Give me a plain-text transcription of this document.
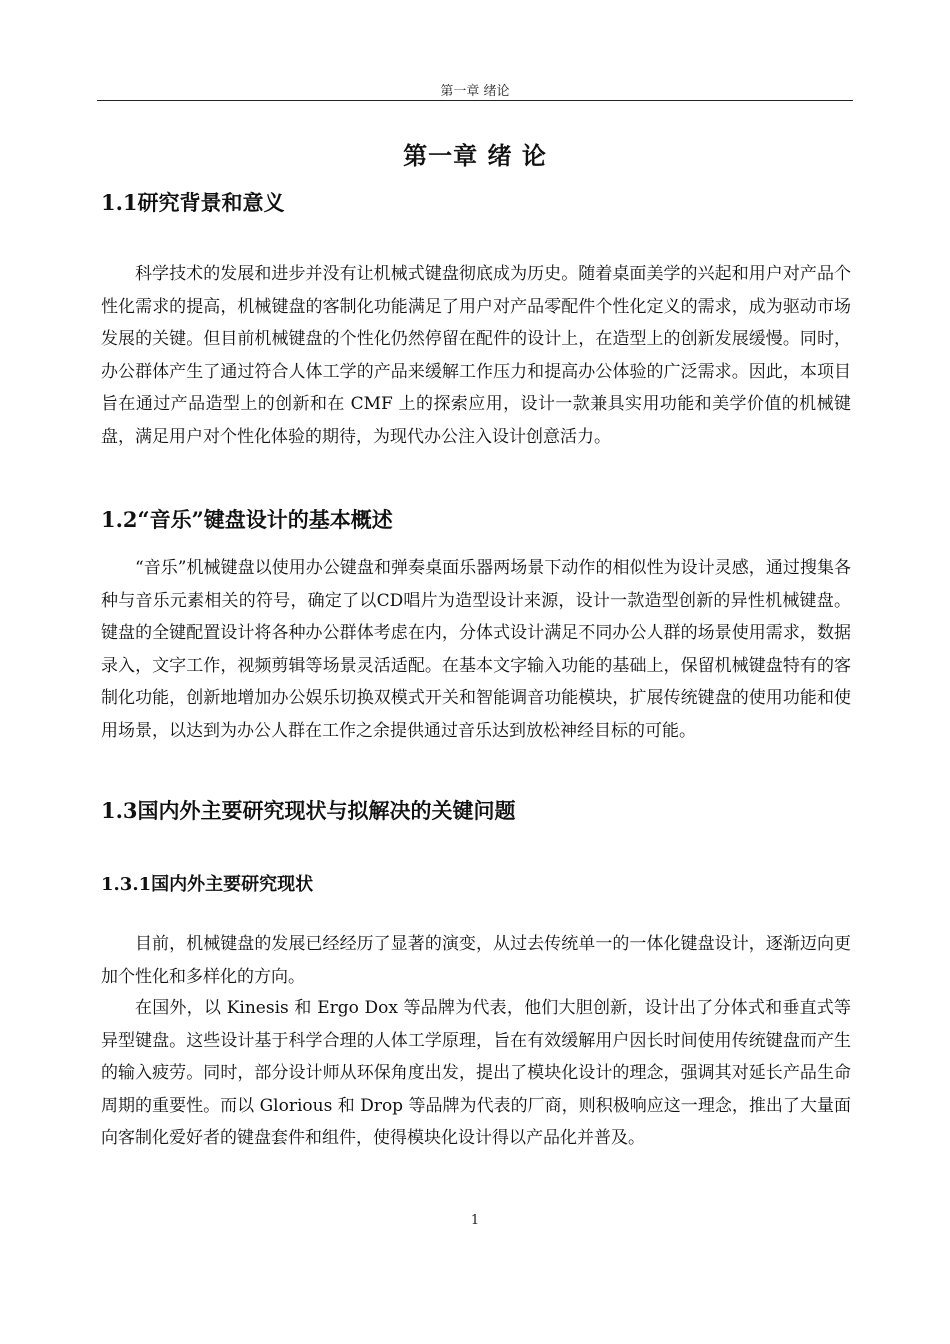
第一章 绪论
第一章 绪 论
1.1研究背景和意义

科学技术的发展和进步并没有让机械式键盘彻底成为历史。随着桌面美学的兴起和用户对产品个性化需求的提高，机械键盘的客制化功能满足了用户对产品零配件个性化定义的需求，成为驱动市场发展的关键。但目前机械键盘的个性化仍然停留在配件的设计上，在造型上的创新发展缓慢。同时，办公群体产生了通过符合人体工学的产品来缓解工作压力和提高办公体验的广泛需求。因此，本项目旨在通过产品造型上的创新和在 CMF 上的探索应用，设计一款兼具实用功能和美学价值的机械键盘，满足用户对个性化体验的期待，为现代办公注入设计创意活力。

1.2“音乐”键盘设计的基本概述

“音乐”机械键盘以使用办公键盘和弹奏桌面乐器两场景下动作的相似性为设计灵感，通过搜集各种与音乐元素相关的符号，确定了以CD唱片为造型设计来源，设计一款造型创新的异性机械键盘。键盘的全键配置设计将各种办公群体考虑在内，分体式设计满足不同办公人群的场景使用需求，数据录入，文字工作，视频剪辑等场景灵活适配。在基本文字输入功能的基础上，保留机械键盘特有的客制化功能，创新地增加办公娱乐切换双模式开关和智能调音功能模块，扩展传统键盘的使用功能和使用场景，以达到为办公人群在工作之余提供通过音乐达到放松神经目标的可能。

1.3国内外主要研究现状与拟解决的关键问题
1.3.1国内外主要研究现状

目前，机械键盘的发展已经经历了显著的演变，从过去传统单一的一体化键盘设计，逐渐迈向更加个性化和多样化的方向。

在国外，以 Kinesis 和 Ergo Dox 等品牌为代表，他们大胆创新，设计出了分体式和垂直式等异型键盘。这些设计基于科学合理的人体工学原理，旨在有效缓解用户因长时间使用传统键盘而产生的输入疲劳。同时，部分设计师从环保角度出发，提出了模块化设计的理念，强调其对延长产品生命周期的重要性。而以 Glorious 和 Drop 等品牌为代表的厂商，则积极响应这一理念，推出了大量面向客制化爱好者的键盘套件和组件，使得模块化设计得以产品化并普及。

1
